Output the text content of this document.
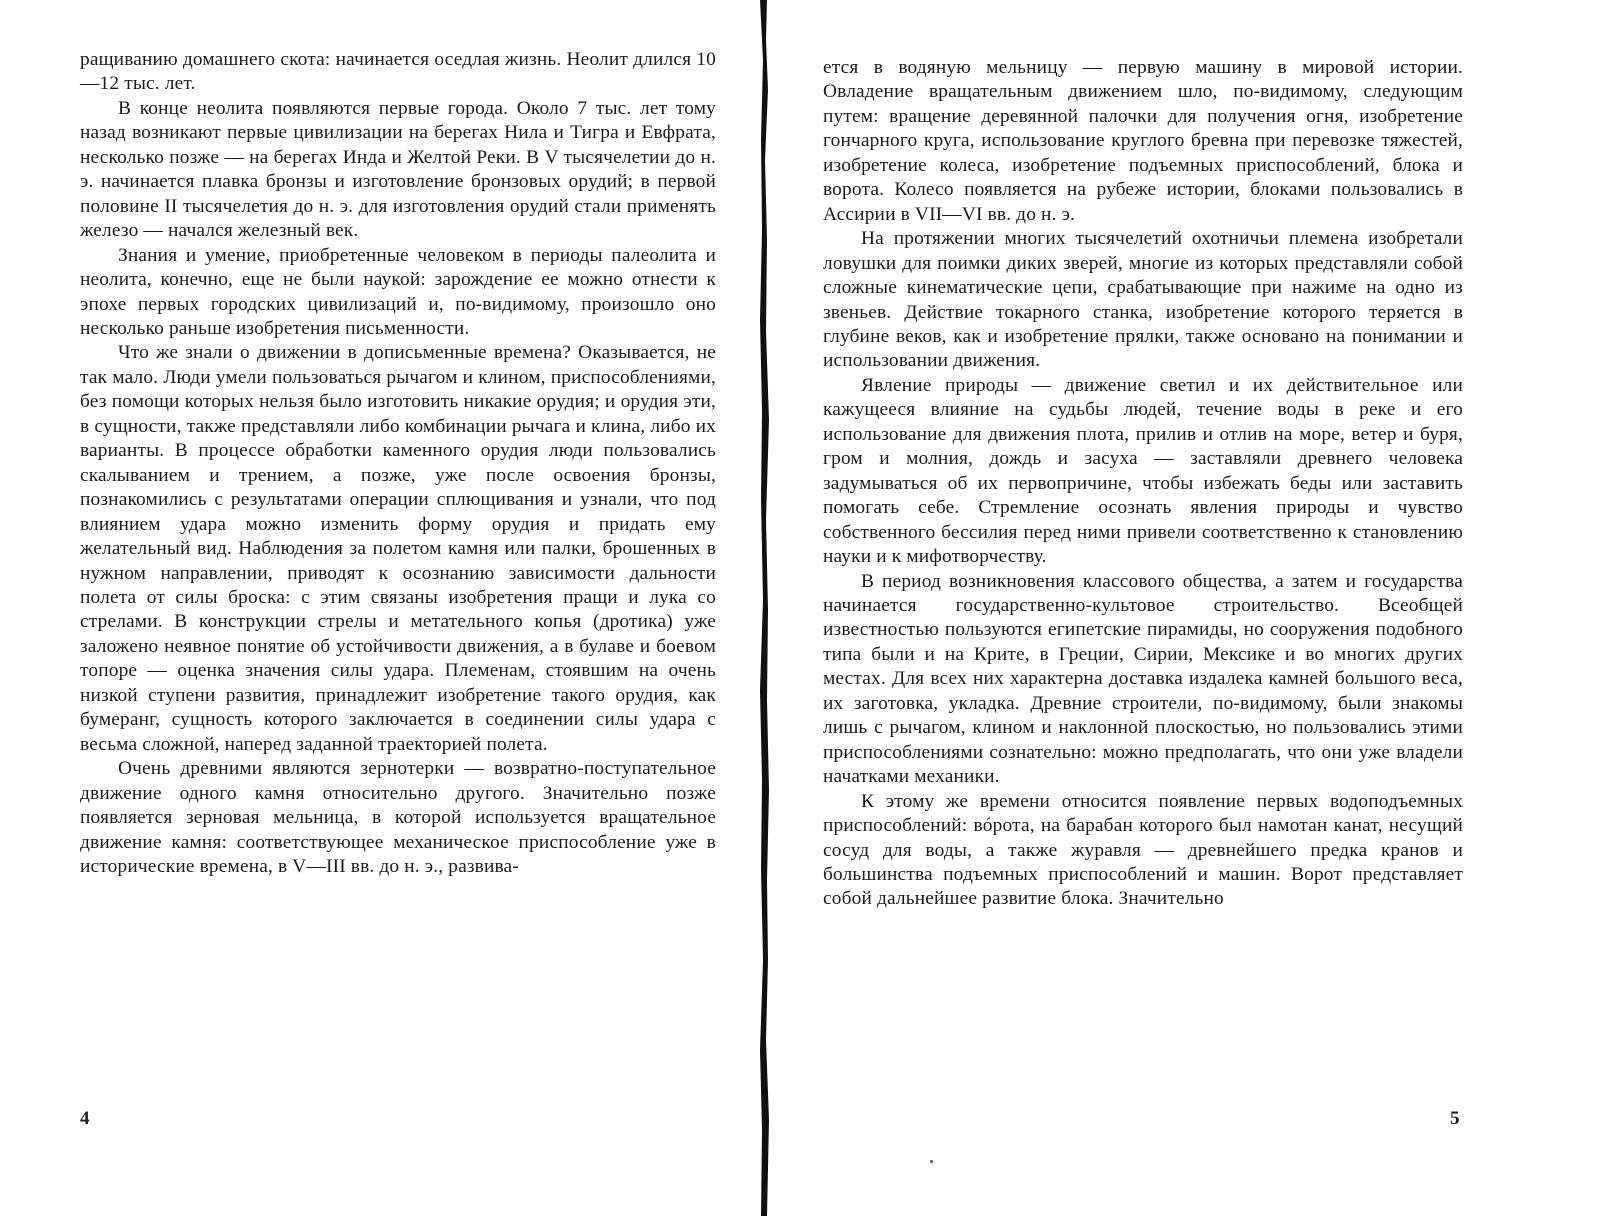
ращиванию домашнего скота: начинается оседлая жизнь. Неолит длился 10—12 тыс. лет.

В конце неолита появляются первые города. Около 7 тыс. лет тому назад возникают первые цивилизации на берегах Нила и Тигра и Евфрата, несколько позже — на берегах Инда и Желтой Реки. В V тысячелетии до н. э. начинается плавка бронзы и изготовление бронзовых орудий; в первой половине II тысячелетия до н. э. для изготовления орудий стали применять железо — начался железный век.

Знания и умение, приобретенные человеком в периоды палеолита и неолита, конечно, еще не были наукой: зарождение ее можно отнести к эпохе первых городских цивилизаций и, по-видимому, произошло оно несколько раньше изобретения письменности.

Что же знали о движении в дописьменные времена? Оказывается, не так мало. Люди умели пользоваться рычагом и клином, приспособлениями, без помощи которых нельзя было изготовить никакие орудия; и орудия эти, в сущности, также представляли либо комбинации рычага и клина, либо их варианты. В процессе обработки каменного орудия люди пользовались скалыванием и трением, а позже, уже после освоения бронзы, познакомились с результатами операции сплющивания и узнали, что под влиянием удара можно изменить форму орудия и придать ему желательный вид. Наблюдения за полетом камня или палки, брошенных в нужном направлении, приводят к осознанию зависимости дальности полета от силы броска: с этим связаны изобретения пращи и лука со стрелами. В конструкции стрелы и метательного копья (дротика) уже заложено неявное понятие об устойчивости движения, а в булаве и боевом топоре — оценка значения силы удара. Племенам, стоявшим на очень низкой ступени развития, принадлежит изобретение такого орудия, как бумеранг, сущность которого заключается в соединении силы удара с весьма сложной, наперед заданной траекторией полета.

Очень древними являются зернотерки — возвратно-поступательное движение одного камня относительно другого. Значительно позже появляется зерновая мельница, в которой используется вращательное движение камня: соответствующее механическое приспособление уже в исторические времена, в V—III вв. до н. э., развива-

4

ется в водяную мельницу — первую машину в мировой истории. Овладение вращательным движением шло, по-видимому, следующим путем: вращение деревянной палочки для получения огня, изобретение гончарного круга, использование круглого бревна при перевозке тяжестей, изобретение колеса, изобретение подъемных приспособлений, блока и ворота. Колесо появляется на рубеже истории, блоками пользовались в Ассирии в VII—VI вв. до н. э.

На протяжении многих тысячелетий охотничьи племена изобретали ловушки для поимки диких зверей, многие из которых представляли собой сложные кинематические цепи, срабатывающие при нажиме на одно из звеньев. Действие токарного станка, изобретение которого теряется в глубине веков, как и изобретение прялки, также основано на понимании и использовании движения.

Явление природы — движение светил и их действительное или кажущееся влияние на судьбы людей, течение воды в реке и его использование для движения плота, прилив и отлив на море, ветер и буря, гром и молния, дождь и засуха — заставляли древнего человека задумываться об их первопричине, чтобы избежать беды или заставить помогать себе. Стремление осознать явления природы и чувство собственного бессилия перед ними привели соответственно к становлению науки и к мифотворчеству.

В период возникновения классового общества, а затем и государства начинается государственно-культовое строительство. Всеобщей известностью пользуются египетские пирамиды, но сооружения подобного типа были и на Крите, в Греции, Сирии, Мексике и во многих других местах. Для всех них характерна доставка издалека камней большого веса, их заготовка, укладка. Древние строители, по-видимому, были знакомы лишь с рычагом, клином и наклонной плоскостью, но пользовались этими приспособлениями сознательно: можно предполагать, что они уже владели начатками механики.

К этому же времени относится появление первых водоподъемных приспособлений: вóрота, на барабан которого был намотан канат, несущий сосуд для воды, а также журавля — древнейшего предка кранов и большинства подъемных приспособлений и машин. Ворот представляет собой дальнейшее развитие блока. Значительно

5
